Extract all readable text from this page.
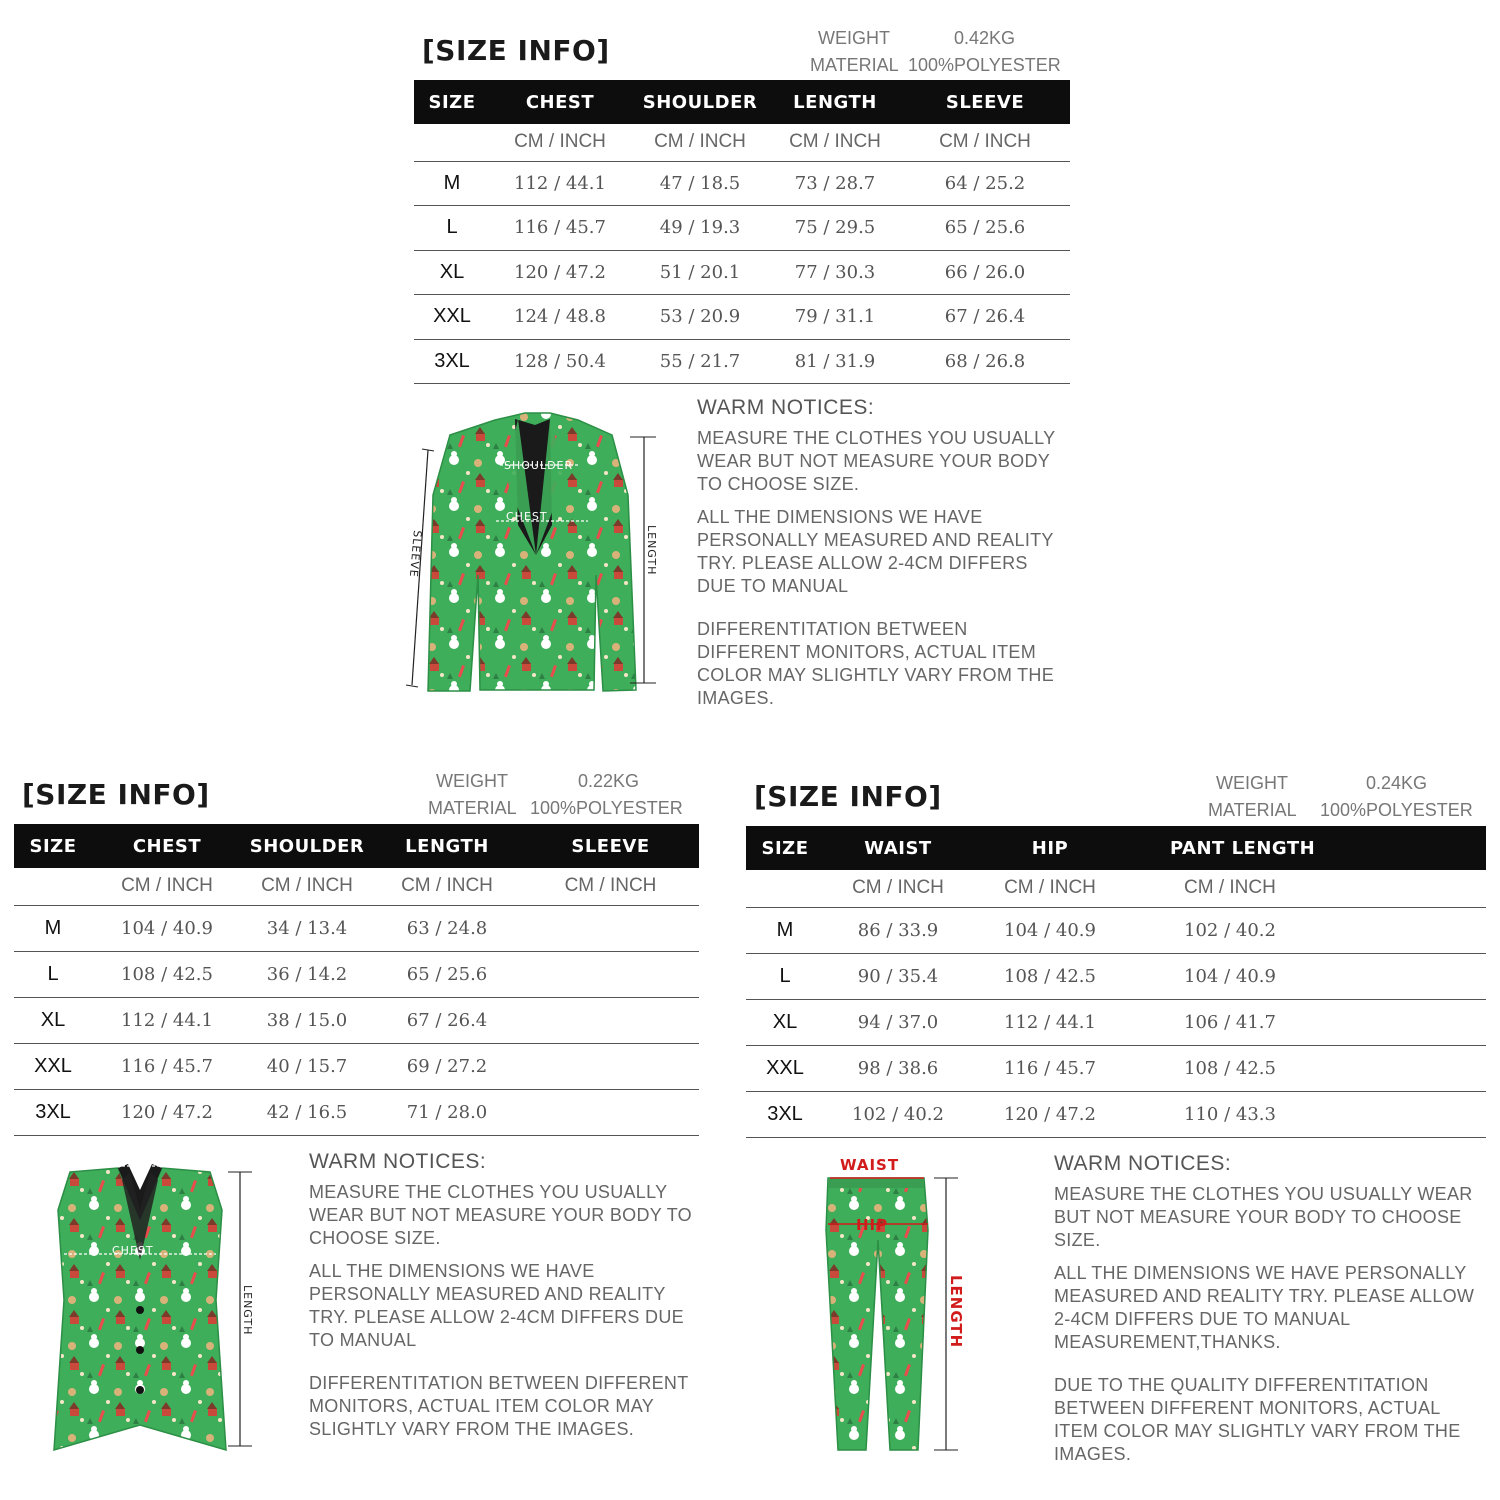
[SIZE INFO]	WEIGHT	0.42KG
MATERIAL 100%POLYESTER
SIZE	CHEST	SHOULDER	LENGTH	SLEEVE
	CM / INCH	CM / INCH	CM / INCH	CM / INCH
M	112 / 44.1	47 / 18.5	73 / 28.7	64 / 25.2
L	116 / 45.7	49 / 19.3	75 / 29.5	65 / 25.6
XL	120 / 47.2	51 / 20.1	77 / 30.3	66 / 26.0
XXL	124 / 48.8	53 / 20.9	79 / 31.1	67 / 26.4
3XL	128 / 50.4	55 / 21.7	81 / 31.9	68 / 26.8
SHOULDER
CHEST
SLEEVE	LENGTH
WARM NOTICES:

MEASURE THE CLOTHES YOU USUALLY WEAR BUT NOT MEASURE YOUR BODY TO CHOOSE SIZE.

ALL THE DIMENSIONS WE HAVE PERSONALLY MEASURED AND REALITY TRY. PLEASE ALLOW 2-4CM DIFFERS DUE TO MANUAL

DIFFERENTITATION BETWEEN DIFFERENT MONITORS, ACTUAL ITEM COLOR MAY SLIGHTLY VARY FROM THE IMAGES.

[SIZE INFO]	WEIGHT	0.22KG
MATERIAL 100%POLYESTER
SIZE	CHEST	SHOULDER	LENGTH	SLEEVE
	CM / INCH	CM / INCH	CM / INCH	CM / INCH
M	104 / 40.9	34 / 13.4	63 / 24.8	
L	108 / 42.5	36 / 14.2	65 / 25.6	
XL	112 / 44.1	38 / 15.0	67 / 26.4	
XXL	116 / 45.7	40 / 15.7	69 / 27.2	
3XL	120 / 47.2	42 / 16.5	71 / 28.0	
SHOULDER
CHEST
LENGTH
WARM NOTICES:

MEASURE THE CLOTHES YOU USUALLY WEAR BUT NOT MEASURE YOUR BODY TO CHOOSE SIZE.

ALL THE DIMENSIONS WE HAVE PERSONALLY MEASURED AND REALITY TRY. PLEASE ALLOW 2-4CM DIFFERS DUE TO MANUAL

DIFFERENTITATION BETWEEN DIFFERENT MONITORS, ACTUAL ITEM COLOR MAY SLIGHTLY VARY FROM THE IMAGES.

[SIZE INFO]	WEIGHT	0.24KG
MATERIAL	100%POLYESTER
SIZE	WAIST	HIP	PANT LENGTH
	CM / INCH	CM / INCH	CM / INCH
M	86 / 33.9	104 / 40.9	102 / 40.2
L	90 / 35.4	108 / 42.5	104 / 40.9
XL	94 / 37.0	112 / 44.1	106 / 41.7
XXL	98 / 38.6	116 / 45.7	108 / 42.5
3XL	102 / 40.2	120 / 47.2	110 / 43.3
WAIST
HIP
LENGTH
WARM NOTICES:

MEASURE THE CLOTHES YOU USUALLY WEAR BUT NOT MEASURE YOUR BODY TO CHOOSE SIZE.

ALL THE DIMENSIONS WE HAVE PERSONALLY MEASURED AND REALITY TRY. PLEASE ALLOW 2-4CM DIFFERS DUE TO MANUAL MEASUREMENT,THANKS.

DUE TO THE QUALITY DIFFERENTITATION BETWEEN DIFFERENT MONITORS, ACTUAL ITEM COLOR MAY SLIGHTLY VARY FROM THE IMAGES.
